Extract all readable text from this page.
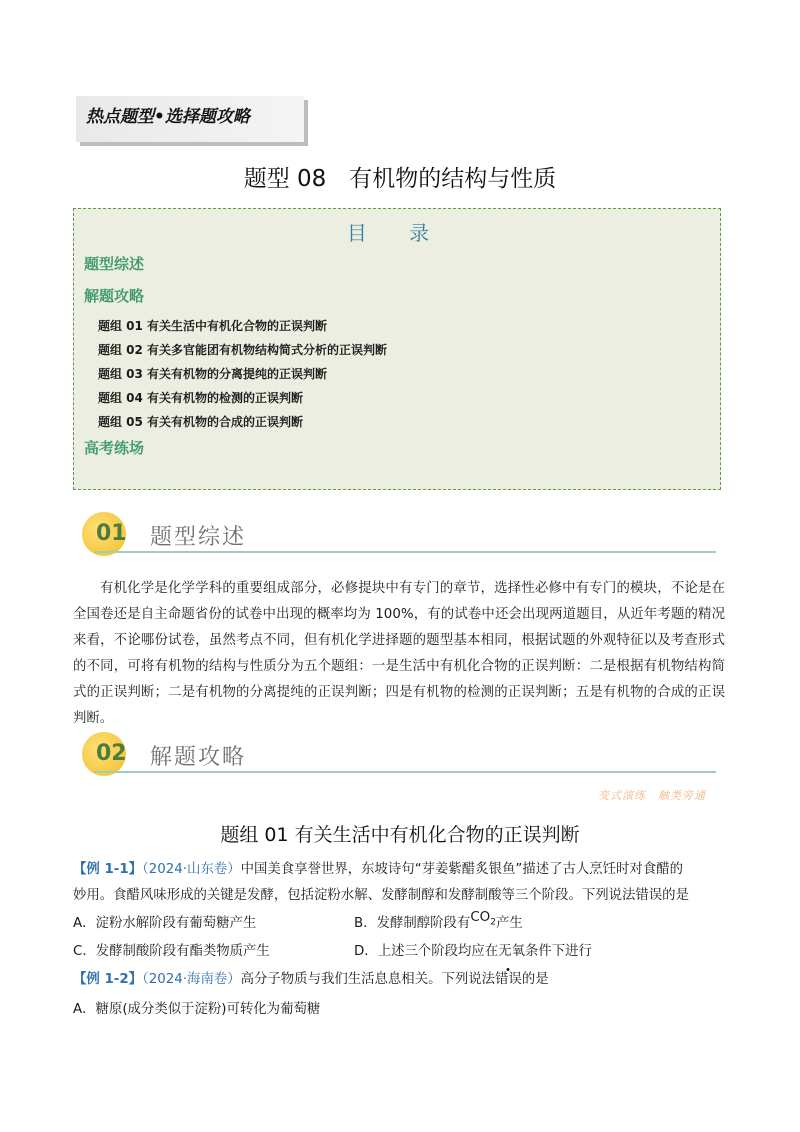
热点题型•选择题攻略
题型 08　有机物的结构与性质
目 录
题型综述
解题攻略
题组 01 有关生活中有机化合物的正误判断
题组 02 有关多官能团有机物结构简式分析的正误判断
题组 03 有关有机物的分离提纯的正误判断
题组 04 有关有机物的检测的正误判断
题组 05 有关有机物的合成的正误判断
高考练场
01 题型综述
有机化学是化学学科的重要组成部分，必修提块中有专门的章节，选择性必修中有专门的模块，不论是在全国卷还是自主命题省份的试卷中出现的概率均为 100%，有的试卷中还会出现两道题目，从近年考题的精况来看，不论哪份试卷，虽然考点不同，但有机化学进择题的题型基本相同，根据试题的外观特征以及考查形式的不同，可将有机物的结构与性质分为五个题组：一是生活中有机化合物的正误判断：二是根据有机物结构简式的正误判断；二是有机物的分离提纯的正误判断；四是有机物的检测的正误判断；五是有机物的合成的正误判断。
02 解题攻略
变式演练　触类旁通
题组 01 有关生活中有机化合物的正误判断
【例 1-1】（2024·山东卷）中国美食享誉世界，东坡诗句“芽姜紫醋炙银鱼”描述了古人烹饪时对食醋的
妙用。食醋风味形成的关键是发酵，包括淀粉水解、发酵制醇和发酵制酸等三个阶段。下列说法错误的是
A．淀粉水解阶段有葡萄糖产生	B．发酵制醇阶段有$CO_2$产生
C．发酵制酸阶段有酯类物质产生	D．上述三个阶段均应在无氧条件下进行
【例 1-2】（2024·海南卷）高分子物质与我们生活息息相关。下列说法错误的是
A．糖原(成分类似于淀粉)可转化为葡萄糖
